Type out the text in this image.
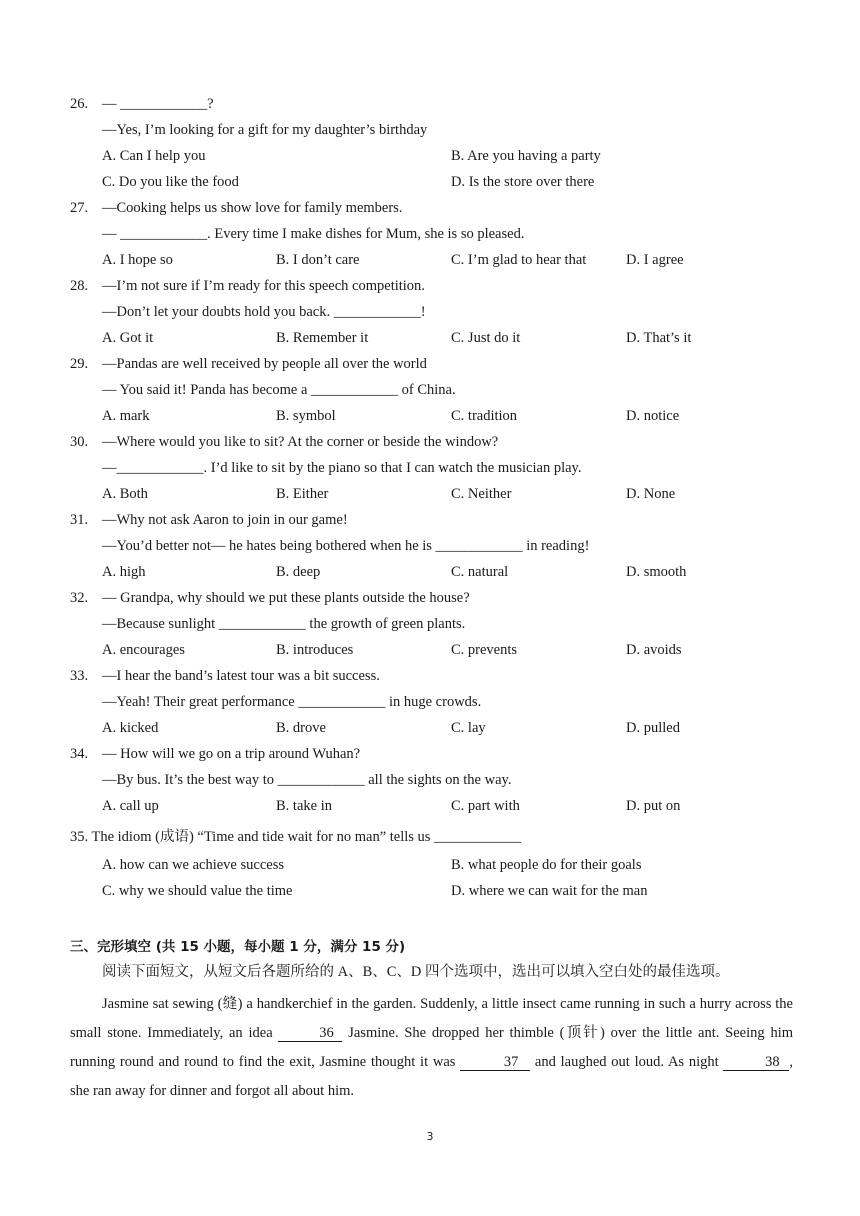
26. — ____________?
—Yes, I’m looking for a gift for my daughter’s birthday
A. Can I help you	B. Are you having a party
C. Do you like the food	D. Is the store over there
27. —Cooking helps us show love for family members.
— ____________. Every time I make dishes for Mum, she is so pleased.
A. I hope so	B. I don’t care	C. I’m glad to hear that	D. I agree
28. —I’m not sure if I’m ready for this speech competition.
—Don’t let your doubts hold you back. ____________!
A. Got it	B. Remember it	C. Just do it	D. That’s it
29. —Pandas are well received by people all over the world
— You said it! Panda has become a ____________ of China.
A. mark	B. symbol	C. tradition	D. notice
30. —Where would you like to sit? At the corner or beside the window?
—____________. I’d like to sit by the piano so that I can watch the musician play.
A. Both	B. Either	C. Neither	D. None
31. —Why not ask Aaron to join in our game!
—You’d better not— he hates being bothered when he is ____________ in reading!
A. high	B. deep	C. natural	D. smooth
32. — Grandpa, why should we put these plants outside the house?
—Because sunlight ____________ the growth of green plants.
A. encourages	B. introduces	C. prevents	D. avoids
33. —I hear the band’s latest tour was a bit success.
—Yeah! Their great performance ____________ in huge crowds.
A. kicked	B. drove	C. lay	D. pulled
34. — How will we go on a trip around Wuhan?
—By bus. It’s the best way to ____________ all the sights on the way.
A. call up	B. take in	C. part with	D. put on
35. The idiom (成语) “Time and tide wait for no man” tells us ____________
A. how can we achieve success	B. what people do for their goals
C. why we should value the time	D. where we can wait for the man
三、完形填空 (共 15 小题，每小题 1 分，满分 15 分)
阅读下面短文，从短文后各题所给的 A、B、C、D 四个选项中，选出可以填入空白处的最佳选项。
Jasmine sat sewing (缝) a handkerchief in the garden. Suddenly, a little insect came running in such a hurry across the small stone. Immediately, an idea	36 Jasmine. She dropped her thimble (顶针) over the little ant. Seeing him running round and round to find the exit, Jasmine thought it was	37 and laughed out loud. As night	38 , she ran away for dinner and forgot all about him.
3
